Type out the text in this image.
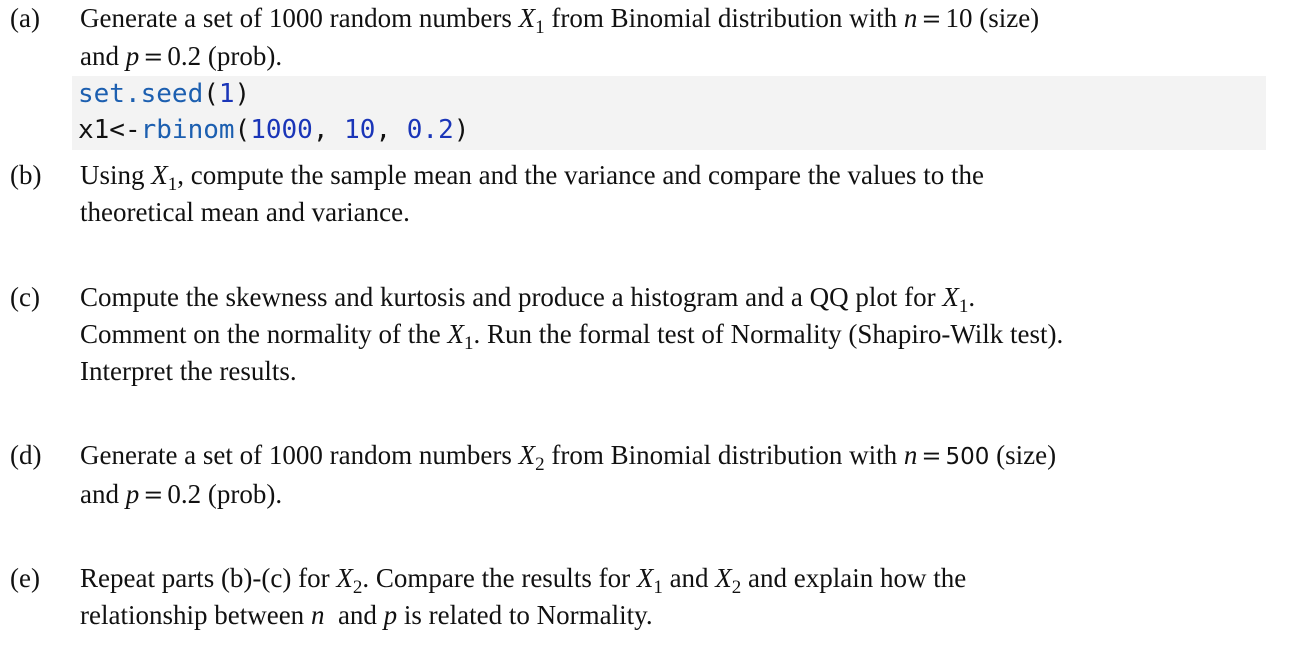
(a)	Generate a set of 1000 random numbers $X_1$ from Binomial distribution with n = 10 (size)
and p = 0.2 (prob).
set.seed(1)
x1<-rbinom(1000, 10, 0.2)
(b)	Using $X_1$, compute the sample mean and the variance and compare the values to the
theoretical mean and variance.
(c)	Compute the skewness and kurtosis and produce a histogram and a QQ plot for $X_1$.
Comment on the normality of the $X_1$. Run the formal test of Normality (Shapiro-Wilk test).
Interpret the results.
(d)	Generate a set of 1000 random numbers $X_2$ from Binomial distribution with n = 500 (size)
and p = 0.2 (prob).
(e)	Repeat parts (b)-(c) for $X_2$. Compare the results for $X_1$ and $X_2$ and explain how the
relationship between n  and p is related to Normality.
